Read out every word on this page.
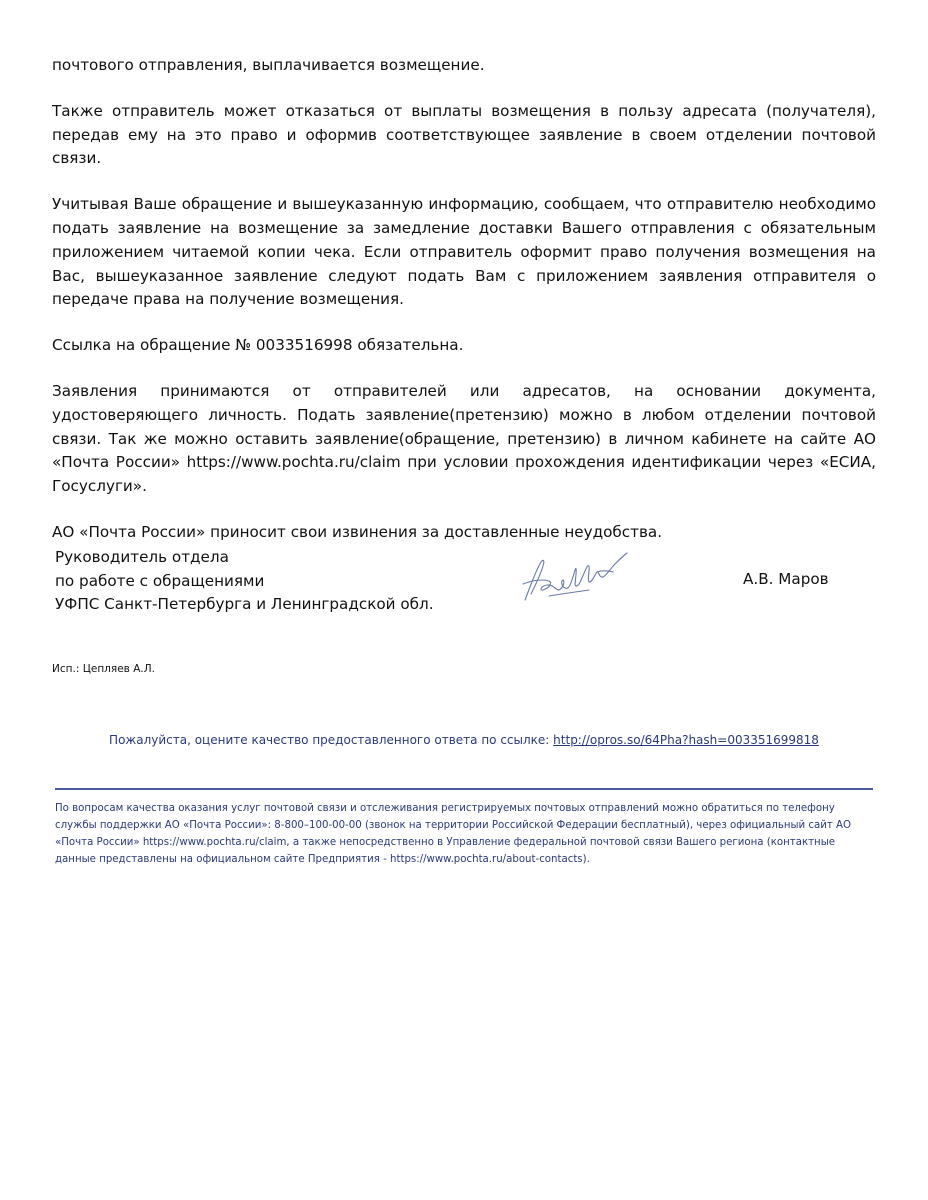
почтового отправления, выплачивается возмещение.

Также отправитель может отказаться от выплаты возмещения в пользу адресата (получателя), передав ему на это право и оформив соответствующее заявление в своем отделении почтовой связи.

Учитывая Ваше обращение и вышеуказанную информацию, сообщаем, что отправителю необходимо подать заявление на возмещение за замедление доставки Вашего отправления с обязательным приложением читаемой копии чека. Если отправитель оформит право получения возмещения на Вас, вышеуказанное заявление следуют подать Вам с приложением заявления отправителя о передаче права на получение возмещения.

Ссылка на обращение № 0033516998 обязательна.

Заявления принимаются от отправителей или адресатов, на основании документа, удостоверяющего личность. Подать заявление(претензию) можно в любом отделении почтовой связи. Так же можно оставить заявление(обращение, претензию) в личном кабинете на сайте АО «Почта России» https://www.pochta.ru/claim при условии прохождения идентификации через «ЕСИА, Госуслуги».

АО «Почта России» приносит свои извинения за доставленные неудобства.

Руководитель отдела
по работе с обращениями
УФПС Санкт-Петербурга и Ленинградской обл.
А.В. Маров
Исп.: Цепляев А.Л.
Пожалуйста, оцените качество предоставленного ответа по ссылке: http://opros.so/64Pha?hash=003351699818
По вопросам качества оказания услуг почтовой связи и отслеживания регистрируемых почтовых отправлений можно обратиться по телефону службы поддержки АО «Почта России»: 8-800–100-00-00 (звонок на территории Российской Федерации бесплатный), через официальный сайт АО «Почта России» https://www.pochta.ru/claim, а также непосредственно в Управление федеральной почтовой связи Вашего региона (контактные данные представлены на официальном сайте Предприятия - https://www.pochta.ru/about-contacts).
